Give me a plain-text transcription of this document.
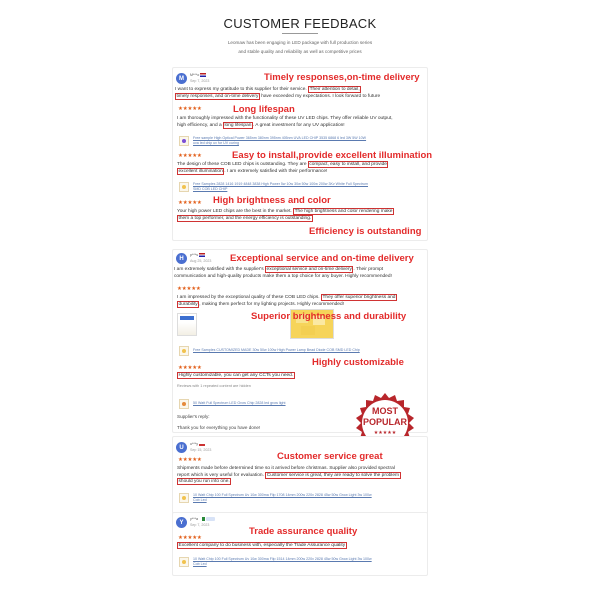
CUSTOMER FEEDBACK
Leomaw has been engaging in LED package with full production series
and stable quality and reliability as well as competitive prices
M
M***o
Sep 7, 2023	Timely responses,on-time delivery
I want to express my gratitude to this supplier for their service. Their attention to detail,
timely responses, and on-time delivery have exceeded my expectations. I look forward to future
★★★★★	Long lifespan
I am thoroughly impressed with the functionality of these UV LED chips. They offer reliable UV output,
high efficiency, and a long lifespan . A great investment for any UV application!
Free sample High Optical Power 365nm 380nm 395nm 405nm UVA LED CHIP 3535 6868 6 led 3W 5W 10W
uva led chip uv for UV curing
★★★★★	Easy to install,provide excellent illumination
The design of these COB LED chips is outstanding. They are compact, easy to install, and provide
excellent illumination . I am extremely satisfied with their performance!
Free Samples 2828 1416 1919 4848 3838 High Power 5w 10w 30w 50w 100w 200w 3Kv White Full Spectrum
SMD COB LED CHIP
★★★★★ High brightness and color
Your high power LED chips are the best in the market. The high brightness and color rendering make
them a top performer, and the energy efficiency is outstanding.
Efficiency is outstanding
H
p***s
Aug 25, 2023 Exceptional service and on-time delivery
I am extremely satisfied with the supplier's exceptional service and on-time delivery . Their prompt
communication and high-quality products make them a top choice for any buyer. Highly recommended!
★★★★★
I am impressed by the exceptional quality of these COB LED chips. They offer superior brightness and
durability , making them perfect for my lighting projects. Highly recommended!
Superior brightness and durability
Free Samples CUSTOMIZED MADE 30w 50w 100w High Power Lamp Bead Diode COB SMD LED Chip
★★★★★	Highly customizable
Highly customizable, you can get any CCTs you need.
Reviews with 1 repeated content are hidden
50 Watt Full Spectrum LED Grow Chip 2828 led grow light
Supplier's reply:
Thank you for everything you have done!
MOST
POPULAR
★★★★★
U
u***y
Sep 15, 2023
★★★★★	Customer service great
Shipments made before determined time so it arrived before christmas. Supplier also provided spectral
report which is very useful for evaluation. Customer service is great, they are ready to solve the problem
should you run into one.
10 Watt Chip 100 Full Spectrum Uv 10w 300ma Flip 1708 14mm 200w 220v 2828 45w 50w Grow Light 3w 100w
Cob Led
Y
y***a
Sep 7, 2023
Trade assurance quality
★★★★★
Excellent company to do business with, especially the Trade Assurance quality
10 Watt Chip 100 Full Spectrum Uv 10w 300ma Flip 1514 14mm 200w 220v 2828 45w 50w Grow Light 3w 100w
Cob Led
